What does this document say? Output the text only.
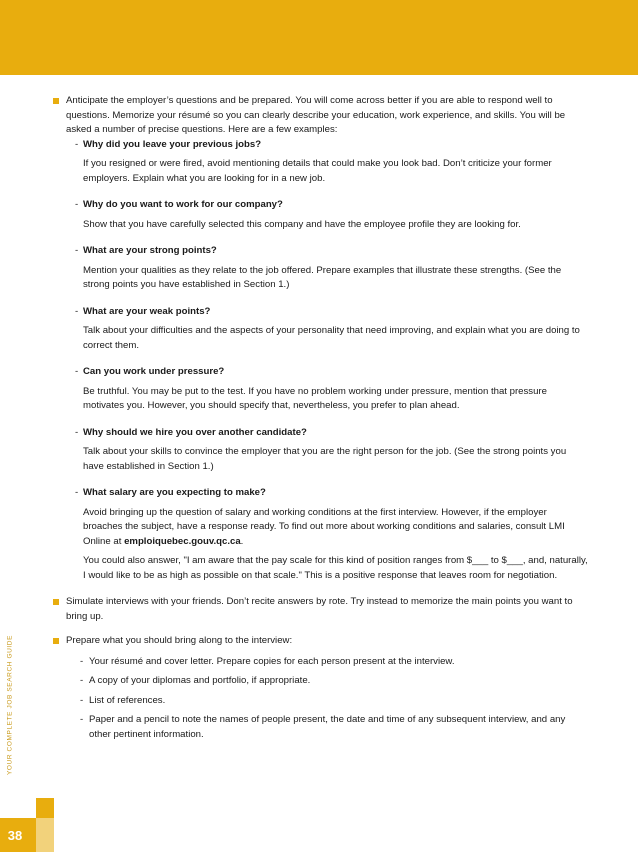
YOUR COMPLETE JOB SEARCH GUIDE
38
Anticipate the employer’s questions and be prepared. You will come across better if you are able to respond well to questions. Memorize your résumé so you can clearly describe your education, work experience, and skills. You will be asked a number of precise questions. Here are a few examples:
- Why did you leave your previous jobs?

If you resigned or were fired, avoid mentioning details that could make you look bad. Don’t criticize your former employers. Explain what you are looking for in a new job.

- Why do you want to work for our company?

Show that you have carefully selected this company and have the employee profile they are looking for.

- What are your strong points?

Mention your qualities as they relate to the job offered. Prepare examples that illustrate these strengths. (See the strong points you have established in Section 1.)

- What are your weak points?

Talk about your difficulties and the aspects of your personality that need improving, and explain what you are doing to correct them.

- Can you work under pressure?

Be truthful. You may be put to the test. If you have no problem working under pressure, mention that pressure motivates you. However, you should specify that, nevertheless, you prefer to plan ahead.

- Why should we hire you over another candidate?

Talk about your skills to convince the employer that you are the right person for the job. (See the strong points you have established in Section 1.)

- What salary are you expecting to make?

Avoid bringing up the question of salary and working conditions at the first interview. However, if the employer broaches the subject, have a response ready. To find out more about working conditions and salaries, consult LMI Online at emploiquebec.gouv.qc.ca.

You could also answer, "I am aware that the pay scale for this kind of position ranges from $___ to $___, and, naturally, I would like to be as high as possible on that scale." This is a positive response that leaves room for negotiation.

Simulate interviews with your friends. Don’t recite answers by rote. Try instead to memorize the main points you want to bring up.
Prepare what you should bring along to the interview:
- Your résumé and cover letter. Prepare copies for each person present at the interview.
- A copy of your diplomas and portfolio, if appropriate.
- List of references.
- Paper and a pencil to note the names of people present, the date and time of any subsequent interview, and any other pertinent information.
